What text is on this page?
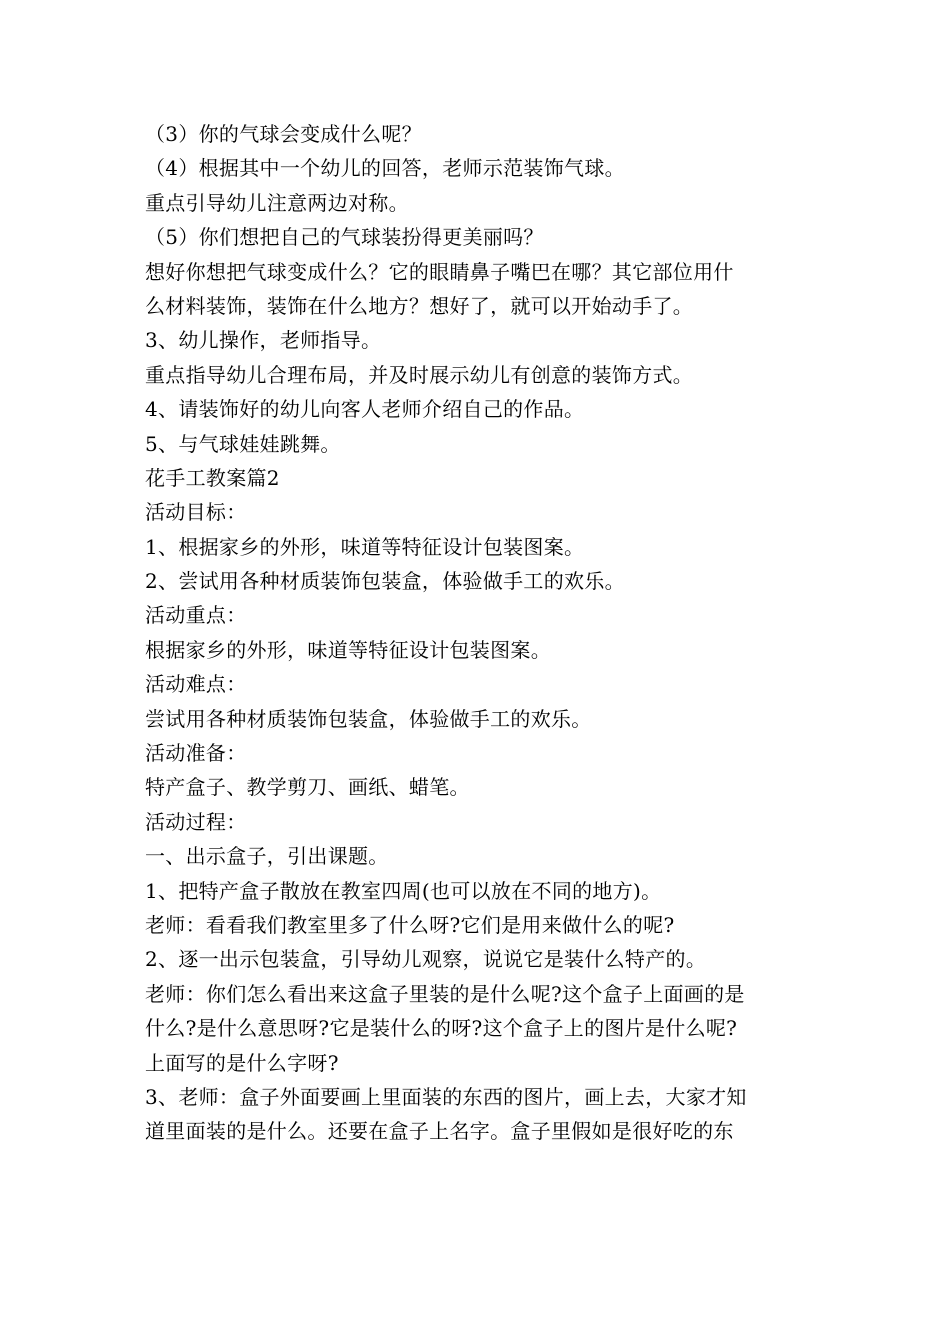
（3）你的气球会变成什么呢？
（4）根据其中一个幼儿的回答，老师示范装饰气球。
重点引导幼儿注意两边对称。
（5）你们想把自己的气球装扮得更美丽吗？
想好你想把气球变成什么？它的眼睛鼻子嘴巴在哪？其它部位用什
么材料装饰，装饰在什么地方？想好了，就可以开始动手了。
3、幼儿操作，老师指导。
重点指导幼儿合理布局，并及时展示幼儿有创意的装饰方式。
4、请装饰好的幼儿向客人老师介绍自己的作品。
5、与气球娃娃跳舞。
花手工教案篇2
活动目标：
1、根据家乡的外形，味道等特征设计包装图案。
2、尝试用各种材质装饰包装盒，体验做手工的欢乐。
活动重点：
根据家乡的外形，味道等特征设计包装图案。
活动难点：
尝试用各种材质装饰包装盒，体验做手工的欢乐。
活动准备：
特产盒子、教学剪刀、画纸、蜡笔。
活动过程：
一、出示盒子，引出课题。
1、把特产盒子散放在教室四周(也可以放在不同的地方)。
老师：看看我们教室里多了什么呀?它们是用来做什么的呢?
2、逐一出示包装盒，引导幼儿观察，说说它是装什么特产的。
老师：你们怎么看出来这盒子里装的是什么呢?这个盒子上面画的是
什么?是什么意思呀?它是装什么的呀?这个盒子上的图片是什么呢?
上面写的是什么字呀?
3、老师：盒子外面要画上里面装的东西的图片，画上去，大家才知
道里面装的是什么。还要在盒子上名字。盒子里假如是很好吃的东
